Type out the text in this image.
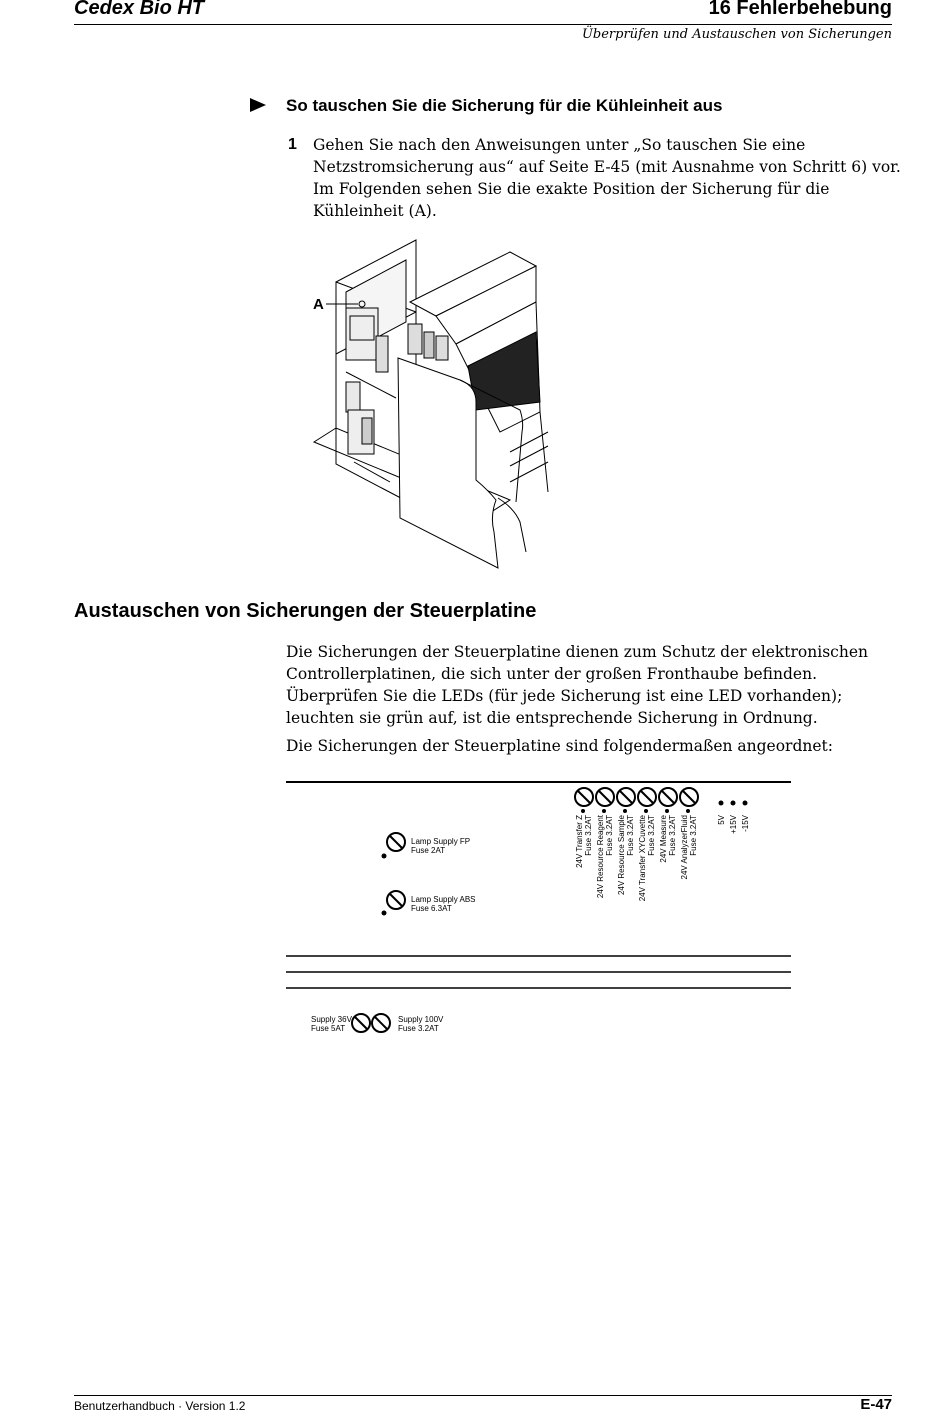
Cedex Bio HT	16 Fehlerbehebung
Überprüfen und Austauschen von Sicherungen
So tauschen Sie die Sicherung für die Kühleinheit aus
1 Gehen Sie nach den Anweisungen unter „So tauschen Sie eine Netzstromsicherung aus“ auf Seite E-45 (mit Ausnahme von Schritt 6) vor. Im Folgenden sehen Sie die exakte Position der Sicherung für die Kühleinheit (A).
A
Austauschen von Sicherungen der Steuerplatine
Die Sicherungen der Steuerplatine dienen zum Schutz der elektronischen Controllerplatinen, die sich unter der großen Fronthaube befinden. Überprüfen Sie die LEDs (für jede Sicherung ist eine LED vorhanden); leuchten sie grün auf, ist die entsprechende Sicherung in Ordnung.
Die Sicherungen der Steuerplatine sind folgendermaßen angeordnet:
Lamp Supply FP
Fuse 2AT
Lamp Supply ABS
Fuse 6.3AT
24V Transfer Z Fuse 3.2AT 24V Resource Reagent Fuse 3.2AT 24V Resource Sample Fuse 3.2AT 24V Transfer XYCuvette Fuse 3.2AT 24V Measure Fuse 3.2AT 24V AnalyzerFluid Fuse 3.2AT 5V +15V -15V
Supply 36V
Fuse 5AT
Supply 100V
Fuse 3.2AT
Benutzerhandbuch · Version 1.2	E-47
